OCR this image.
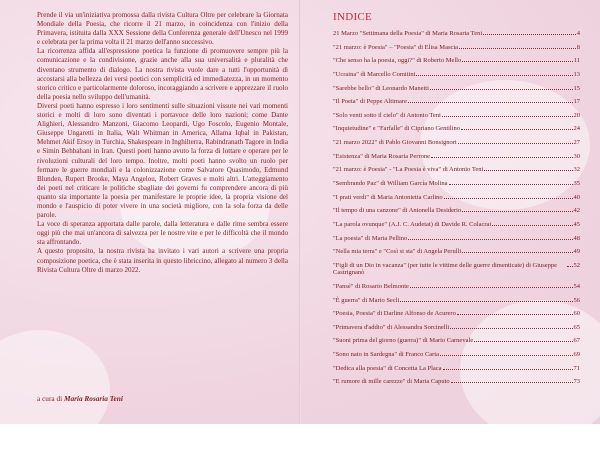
Prende il via un'iniziativa promossa dalla rivista Cultura Oltre per celebrare la Giornata Mondiale della Poesia, che ricorre il 21 marzo, in coincidenza con l'inizio della Primavera, istituita dalla XXX Sessione della Conferenza generale dell'Unesco nel 1999 e celebrata per la prima volta il 21 marzo dell'anno successivo.

La ricorrenza affida all'espressione poetica la funzione di promuovere sempre più la comunicazione e la condivisione, grazie anche alla sua universalità e pluralità che diventano strumento di dialogo. La nostra rivista vuole dare a tutti l'opportunità di accostarsi alla bellezza dei versi poetici con semplicità ed immediatezza, in un momento storico critico e particolarmente doloroso, incoraggiando a scrivere e apprezzare il ruolo della poesia nello sviluppo dell'umanità.

Diversi poeti hanno espresso i loro sentimenti sulle situazioni vissute nei vari momenti storici e molti di loro sono diventati i portavoce delle loro nazioni; come Dante Alighieri, Alessandro Manzoni, Giacomo Leopardi, Ugo Foscolo, Eugenio Montale, Giuseppe Ungaretti in Italia, Walt Whitman in America, Allama Iqbal in Pakistan, Mehmet Akif Ersoy in Turchia, Shakespeare in Inghilterra, Rabindranath Tagore in India e Simin Behbahani in Iran. Questi poeti hanno avuto la forza di lottare e operare per le rivoluzioni culturali del loro tempo. Inoltre, molti poeti hanno svolto un ruolo per fermare le guerre mondiali e la colonizzazione come Salvatore Quasimodo, Edmund Blunden, Rupert Brooke, Maya Angelou, Robert Graves e molti altri. L'atteggiamento dei poeti nel criticare le politiche sbagliate dei governi fu comprendere ancora di più quanto sia importante la poesia per manifestare le proprie idee, la propria visione del mondo e l'auspicio di poter vivere in una società migliore, con la sola forza da delle parole.

La voce di speranza apportata dalle parole, dalla letteratura e dalle rime sembra essere oggi più che mai un'ancora di salvezza per le nostre vite e per le difficoltà che il mondo sta affrontando.

A questo proposito, la nostra rivista ha invitato i vari autori a scrivere una propria composizione poetica, che è stata inserita in questo libriccino, allegato al numero 3 della Rivista Cultura Oltre di marzo 2022.

a cura di Maria Rosaria Teni
INDICE
21 Marzo "Settimana della Poesia" di Maria Rosaria Teni	4
"21 marzo: è Poesia" – "Poesia" di Elisa Mascia	8
"Che senso ha la poesia, oggi?" di Roberto Mello	11
"Ucraina" di Marcello Comitini	13
"Sarebbe bello" di Leonardo Manetti	15
"Il Poeta" di Peppe Altimare	17
"Solo venti sotto il cielo" di Antonio Teni	20
"Inquietudine" e "Farfalle" di Cipriano Gentilino	24
"21 marzo 2022" di Pablo Giovanni Bonsignori	27
"Esistenza" di Maria Rosaria Perrone	30
"21 marzo: è Poesia" - "La Poesia è viva" di Antonio Teni	32
"Sembrando Paz" di William García Molina	35
"I prati verdi" di Maria Antonietta Carlino	40
"Il tempo di una canzone" di Antonella Desiderio	42
"La parola ovunque" (A.J. C. Audetat) di Davide R. Colacrai	45
"La poesia" di Maria Pellino	48
"Nella mia terra" e "Così si sta" di Angela Perulli	49
"Figli di un Dio in vacanza" (per tutte le vittime delle guerre dimenticate) di Giuseppe Castrignanò
52
"Pansé" di Rosario Belmonte	54
"È guerra" di Mario Secli	56
"Poesia, Poesia" di Darline Alfonso de Acurero	60
"Primavera d'addio" di Alessandra Sorcinelli	65
"Suoni prima del giorno (guerra)" di Mario Carnevale	67
"Sono nato in Sardegna" di Franco Carta	69
"Dedica alla poesia" di Concetta La Placa	71
"E rumore di mille carezze" di Maria Caputo	73
